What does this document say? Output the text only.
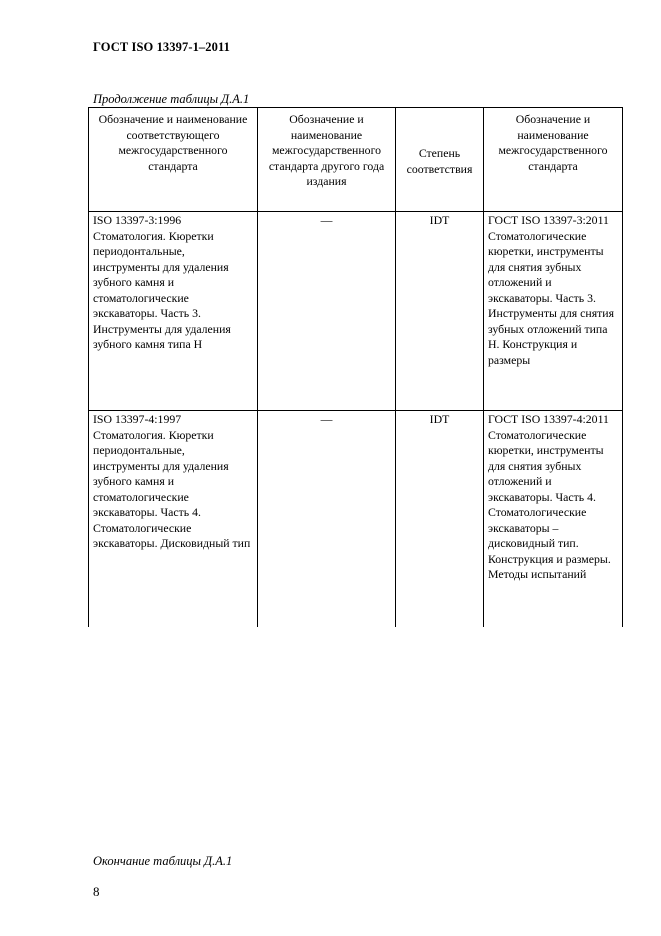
ГОСТ ISO 13397-1–2011
Продолжение таблицы Д.А.1
Обозначение и наименование соответствующего межгосударственного стандарта	Обозначение и наименование межгосударственного стандарта другого года издания	Степень соответствия	Обозначение и наименование межгосударственного стандарта
ISO 13397-3:1996 Стоматология. Кюретки периодонтальные, инструменты для удаления зубного камня и стоматологические экскаваторы. Часть 3. Инструменты для удаления зубного камня типа Н	—	IDT	ГОСТ ISO 13397-3:2011 Стоматологические кюретки, инструменты для снятия зубных отложений и экскаваторы. Часть 3. Инструменты для снятия зубных отложений типа Н. Конструкция и размеры
ISO 13397-4:1997 Стоматология. Кюретки периодонтальные, инструменты для удаления зубного камня и стоматологические экскаваторы. Часть 4. Стоматологические экскаваторы. Дисковидный тип	—	IDT	ГОСТ ISO 13397-4:2011 Стоматологические кюретки, инструменты для снятия зубных отложений и экскаваторы. Часть 4. Стоматологические экскаваторы – дисковидный тип. Конструкция и размеры. Методы испытаний
Окончание таблицы Д.А.1
8
